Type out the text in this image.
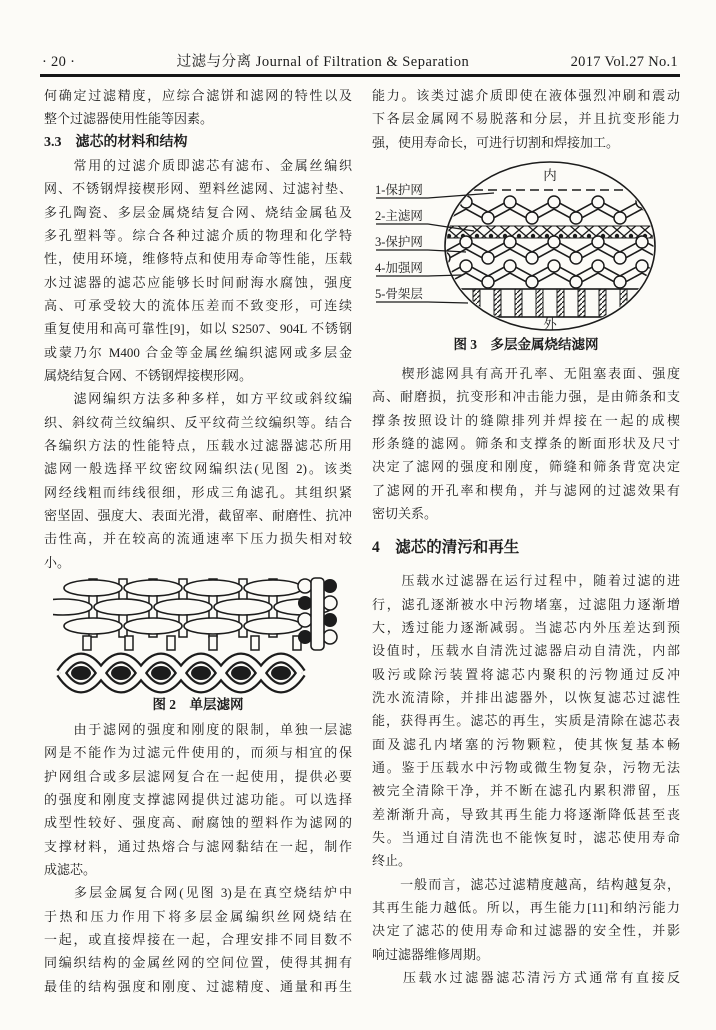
· 20 ·	过滤与分离 Journal of Filtration & Separation	2017 Vol.27 No.1
何确定过滤精度，应综合滤饼和滤网的特性以及
整个过滤器使用性能等因素。
3.3　滤芯的材料和结构
　　常用的过滤介质即滤芯有滤布、金属丝编织
网、不锈钢焊接楔形网、塑料丝滤网、过滤衬垫、
多孔陶瓷、多层金属烧结复合网、烧结金属毡及
多孔塑料等。综合各种过滤介质的物理和化学特
性，使用环境，维修特点和使用寿命等性能，压载
水过滤器的滤芯应能够长时间耐海水腐蚀，强度
高、可承受较大的流体压差而不致变形，可连续
重复使用和高可靠性[9]，如以 S2507、904L 不锈钢
或蒙乃尔 M400 合金等金属丝编织滤网或多层金
属烧结复合网、不锈钢焊接楔形网。
　　滤网编织方法多种多样，如方平纹或斜纹编
织、斜纹荷兰纹编织、反平纹荷兰纹编织等。结合
各编织方法的性能特点，压载水过滤器滤芯所用
滤网一般选择平纹密纹网编织法(见图 2)。该类
网经线粗而纬线很细，形成三角滤孔。其组织紧
密坚固、强度大、表面光滑，截留率、耐磨性、抗冲
击性高，并在较高的流通速率下压力损失相对较
小。
图 2　单层滤网
　　由于滤网的强度和刚度的限制，单独一层滤
网是不能作为过滤元件使用的，而须与相宜的保
护网组合或多层滤网复合在一起使用，提供必要
的强度和刚度支撑滤网提供过滤功能。可以选择
成型性较好、强度高、耐腐蚀的塑料作为滤网的
支撑材料，通过热熔合与滤网黏结在一起，制作
成滤芯。
　　多层金属复合网(见图 3)是在真空烧结炉中
于热和压力作用下将多层金属编织丝网烧结在
一起，或直接焊接在一起，合理安排不同目数不
同编织结构的金属丝网的空间位置，使得其拥有
最佳的结构强度和刚度、过滤精度、通量和再生
能力。该类过滤介质即使在液体强烈冲刷和震动
下各层金属网不易脱落和分层，并且抗变形能力
强，使用寿命长，可进行切割和焊接加工。
内
外
1-保护网
2-主滤网
3-保护网
4-加强网
5-骨架层
图 3　多层金属烧结滤网
　　楔形滤网具有高开孔率、无阻塞表面、强度
高、耐磨损，抗变形和冲击能力强，是由筛条和支
撑条按照设计的缝隙排列并焊接在一起的成楔
形条缝的滤网。筛条和支撑条的断面形状及尺寸
决定了滤网的强度和刚度，筛缝和筛条背宽决定
了滤网的开孔率和楔角，并与滤网的过滤效果有
密切关系。
4　滤芯的清污和再生
　　压载水过滤器在运行过程中，随着过滤的进
行，滤孔逐渐被水中污物堵塞，过滤阻力逐渐增
大，透过能力逐渐减弱。当滤芯内外压差达到预
设值时，压载水自清洗过滤器启动自清洗，内部
吸污或除污装置将滤芯内聚积的污物通过反冲
洗水流清除，并排出滤器外，以恢复滤芯过滤性
能，获得再生。滤芯的再生，实质是清除在滤芯表
面及滤孔内堵塞的污物颗粒，使其恢复基本畅
通。鉴于压载水中污物或微生物复杂，污物无法
被完全清除干净，并不断在滤孔内累积滞留，压
差渐渐升高，导致其再生能力将逐渐降低甚至丧
失。当通过自清洗也不能恢复时，滤芯使用寿命
终止。
　　一般而言，滤芯过滤精度越高，结构越复杂，
其再生能力越低。所以，再生能力[11]和纳污能力
决定了滤芯的使用寿命和过滤器的安全性，并影
响过滤器维修周期。
　　压载水过滤器滤芯清污方式通常有直接反
